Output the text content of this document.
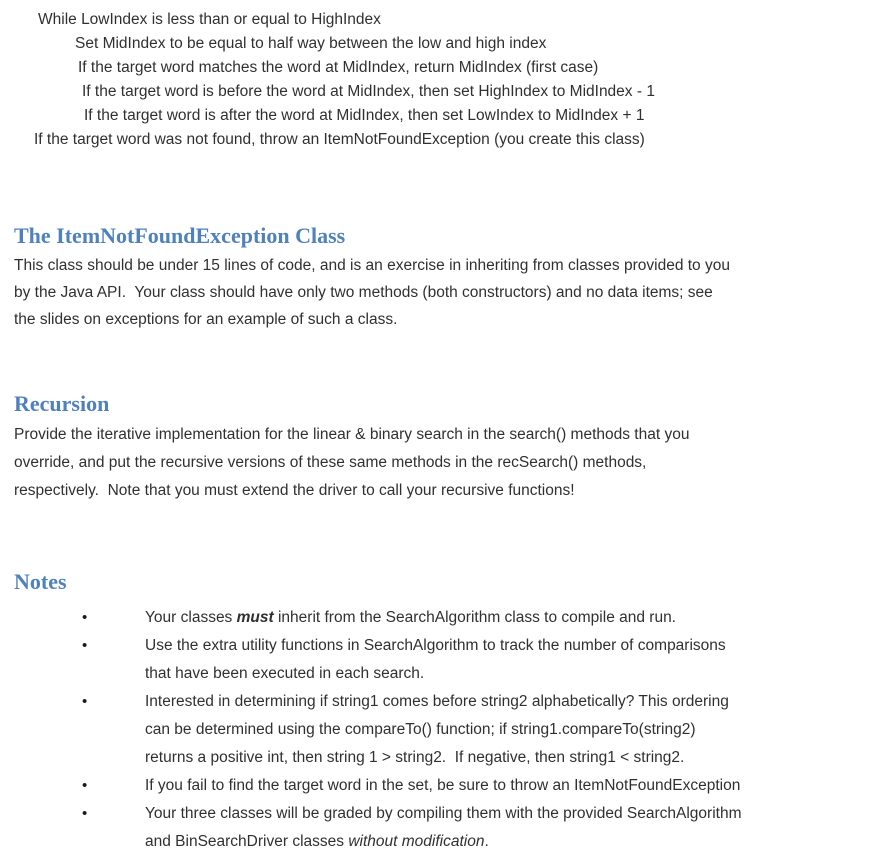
While LowIndex is less than or equal to HighIndex
Set MidIndex to be equal to half way between the low and high index
If the target word matches the word at MidIndex, return MidIndex (first case)
If the target word is before the word at MidIndex, then set HighIndex to MidIndex - 1
If the target word is after the word at MidIndex, then set LowIndex to MidIndex + 1
If the target word was not found, throw an ItemNotFoundException (you create this class)
The ItemNotFoundException Class
This class should be under 15 lines of code, and is an exercise in inheriting from classes provided to you
by the Java API.  Your class should have only two methods (both constructors) and no data items; see
the slides on exceptions for an example of such a class.
Recursion
Provide the iterative implementation for the linear & binary search in the search() methods that you
override, and put the recursive versions of these same methods in the recSearch() methods,
respectively.  Note that you must extend the driver to call your recursive functions!
Notes
•	Your classes must inherit from the SearchAlgorithm class to compile and run.
•	Use the extra utility functions in SearchAlgorithm to track the number of comparisons
that have been executed in each search.
•	Interested in determining if string1 comes before string2 alphabetically? This ordering
can be determined using the compareTo() function; if string1.compareTo(string2)
returns a positive int, then string 1 > string2.  If negative, then string1 < string2.
•	If you fail to find the target word in the set, be sure to throw an ItemNotFoundException
•	Your three classes will be graded by compiling them with the provided SearchAlgorithm
and BinSearchDriver classes without modification.
